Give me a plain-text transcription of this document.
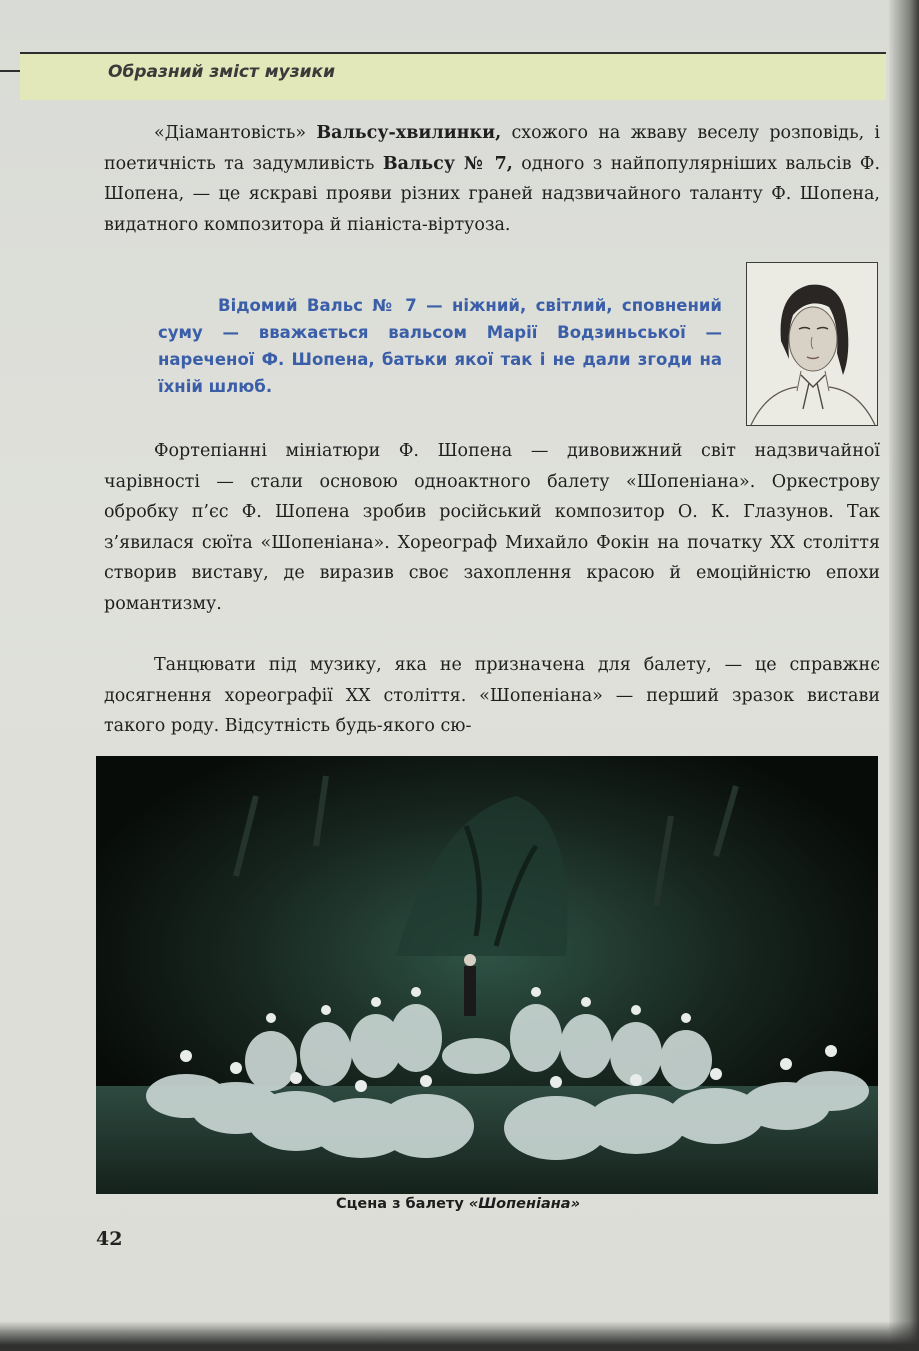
Образний зміст музики

«Діамантовість» Вальсу-хвилинки, схожого на жваву веселу розповідь, і поетичність та задумливість Вальсу № 7, одного з найпопулярніших вальсів Ф. Шопена, — це яскраві прояви різних граней надзвичайного таланту Ф. Шопена, видатного композитора й піаніста-віртуоза.

Відомий Вальс № 7 — ніжний, світлий, сповнений суму — вважається вальсом Марії Водзиньської — нареченої Ф. Шопена, батьки якої так і не дали згоди на їхній шлюб.

Фортепіанні мініатюри Ф. Шопена — дивовижний світ надзвичайної чарівності — стали основою одноактного балету «Шопеніана». Оркестрову обробку п’єс Ф. Шопена зробив російський композитор О. К. Глазунов. Так з’явилася сюїта «Шопеніана». Хореограф Михайло Фокін на початку XX століття створив виставу, де виразив своє захоплення красою й емоційністю епохи романтизму.

Танцювати під музику, яка не призначена для балету, — це справжнє досягнення хореографії XX століття. «Шопеніана» — перший зразок вистави такого роду. Відсутність будь-якого сю-

Сцена з балету «Шопеніана»
42
